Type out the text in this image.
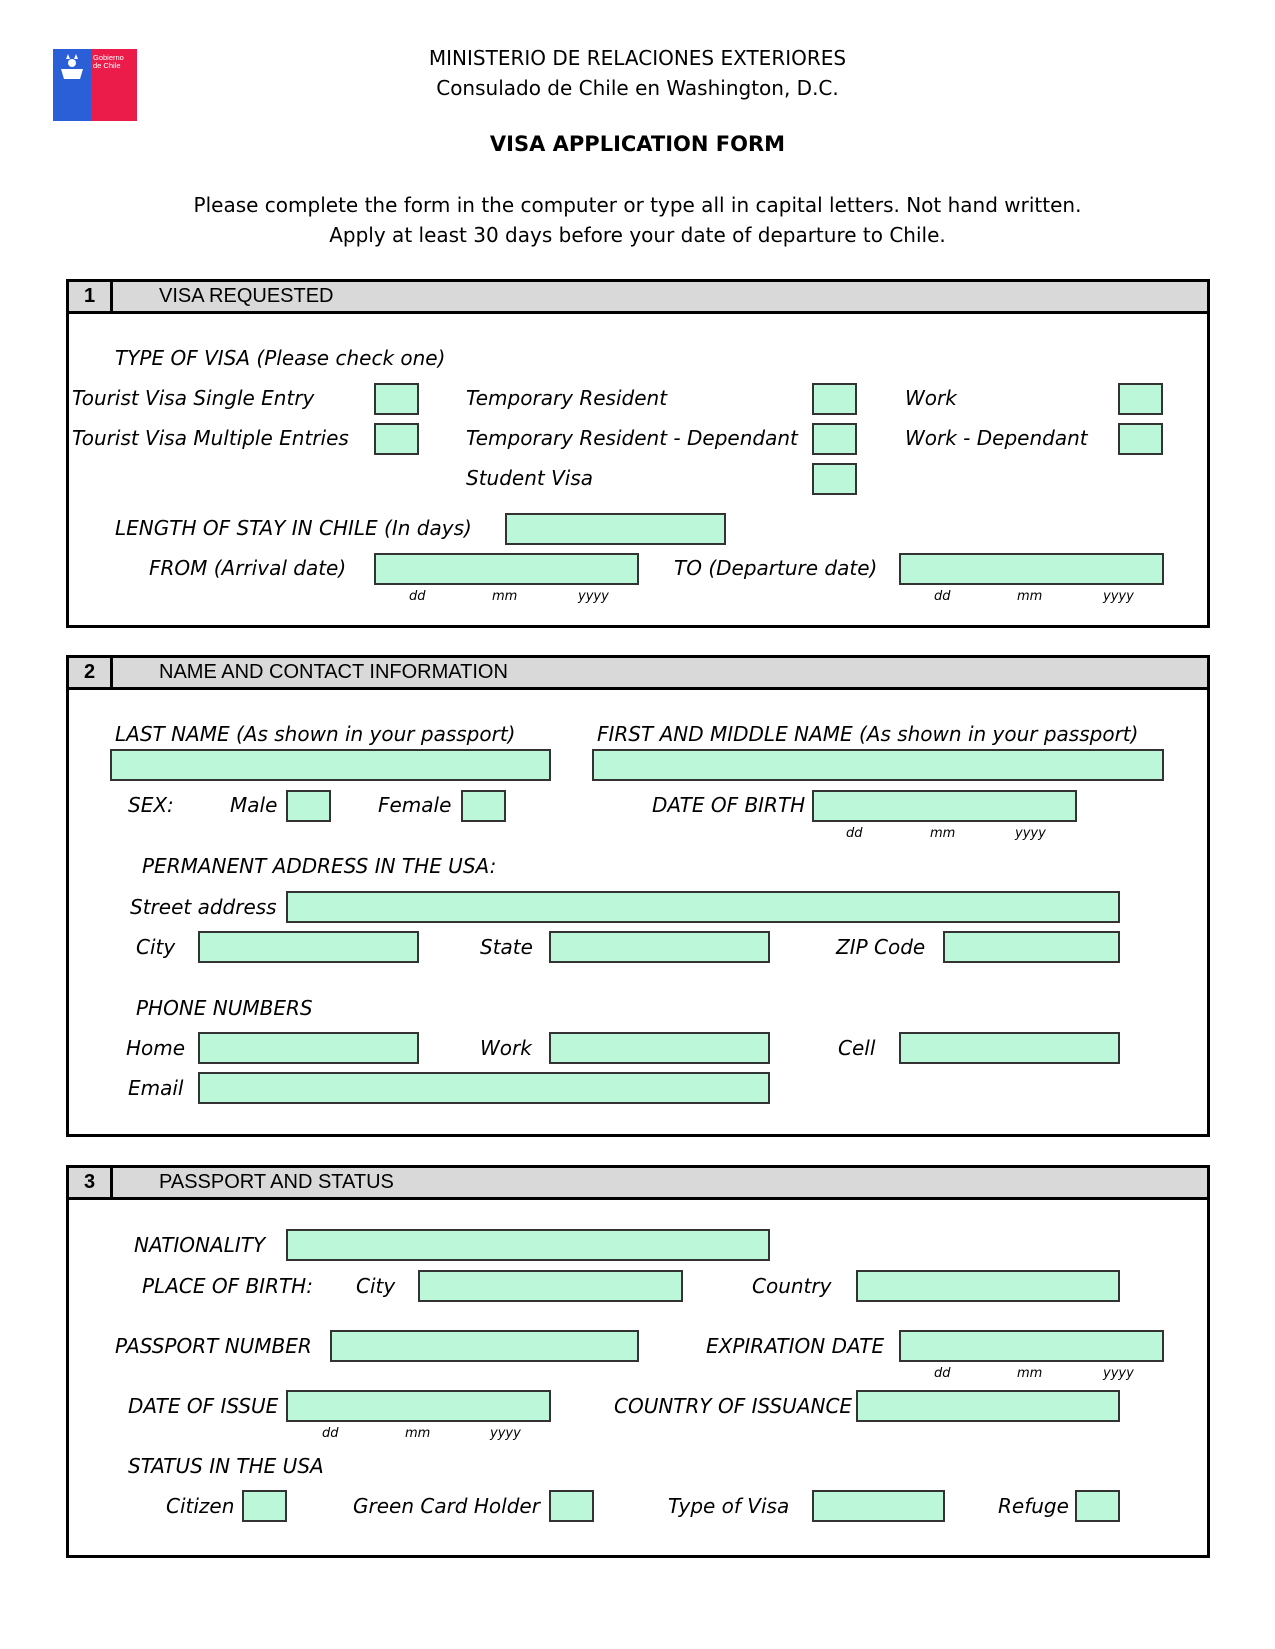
Gobierno
de Chile	MINISTERIO DE RELACIONES EXTERIORES
Consulado de Chile en Washington, D.C.
VISA APPLICATION FORM
Please complete the form in the computer or type all in capital letters. Not hand written.
Apply at least 30 days before your date of departure to Chile.
1	VISA REQUESTED
TYPE OF VISA (Please check one)
Tourist Visa Single Entry	Temporary Resident	Work
Tourist Visa Multiple Entries	Temporary Resident - Dependant	Work - Dependant
Student Visa
LENGTH OF STAY IN CHILE (In days)
FROM (Arrival date)
dd	mm	yyyy
TO (Departure date)
dd	mm	yyyy
2	NAME AND CONTACT INFORMATION
LAST NAME (As shown in your passport)	FIRST AND MIDDLE NAME (As shown in your passport)
SEX:	Male	Female	DATE OF BIRTH
dd	mm	yyyy
PERMANENT ADDRESS IN THE USA:
Street address
City	State	ZIP Code
PHONE NUMBERS
Home	Work	Cell
Email
3	PASSPORT AND STATUS
NATIONALITY
PLACE OF BIRTH: City	Country
PASSPORT NUMBER	EXPIRATION DATE
dd	mm	yyyy
DATE OF ISSUE
dd	mm	yyyy
COUNTRY OF ISSUANCE
STATUS IN THE USA
Citizen	Green Card Holder	Type of Visa	Refuge
